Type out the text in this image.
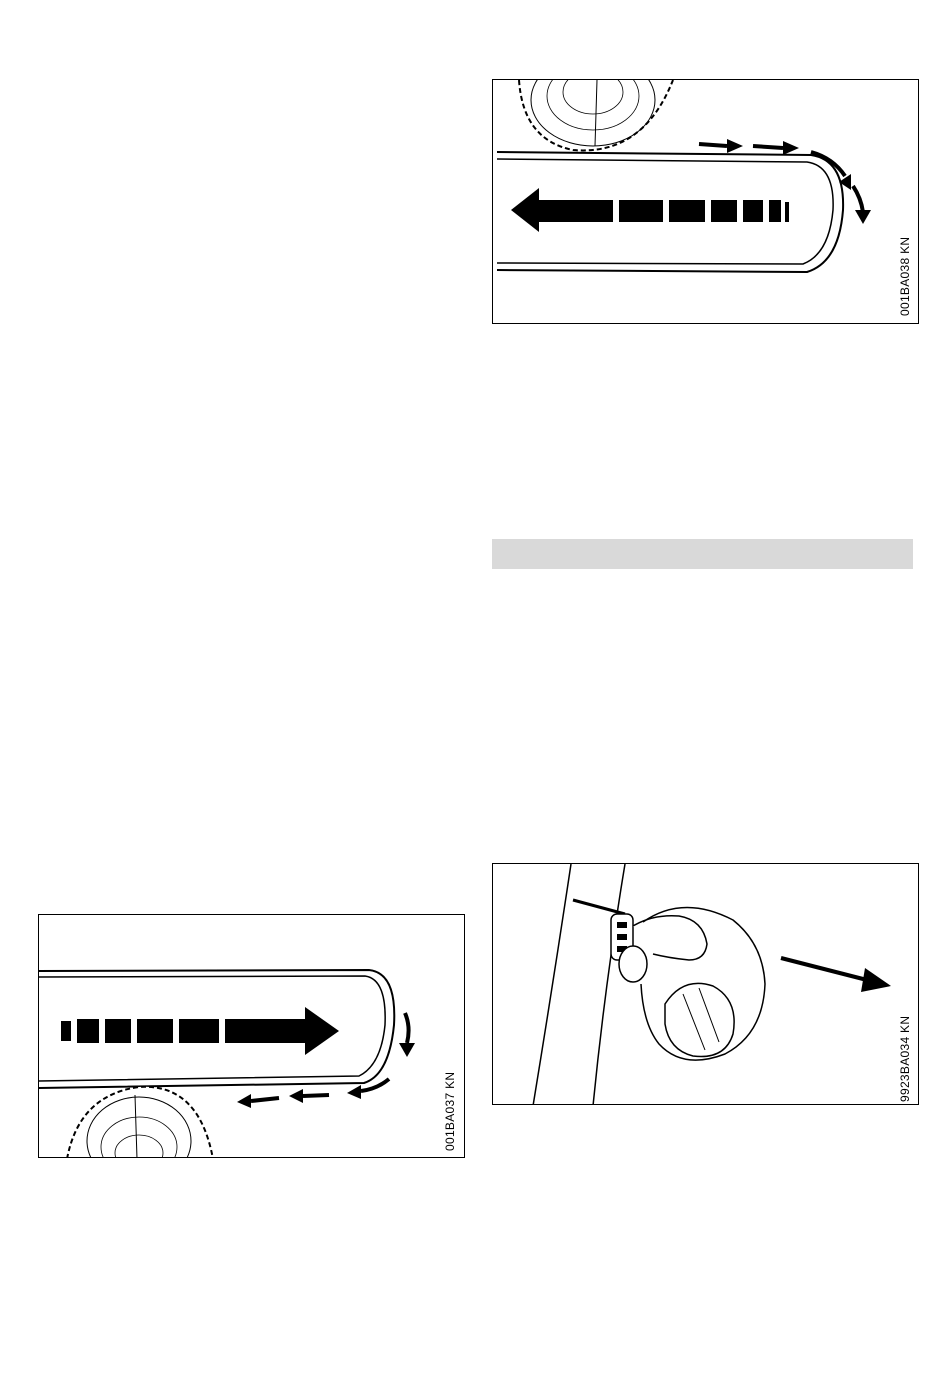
001BA037 KN
001BA038 KN
9923BA034 KN
